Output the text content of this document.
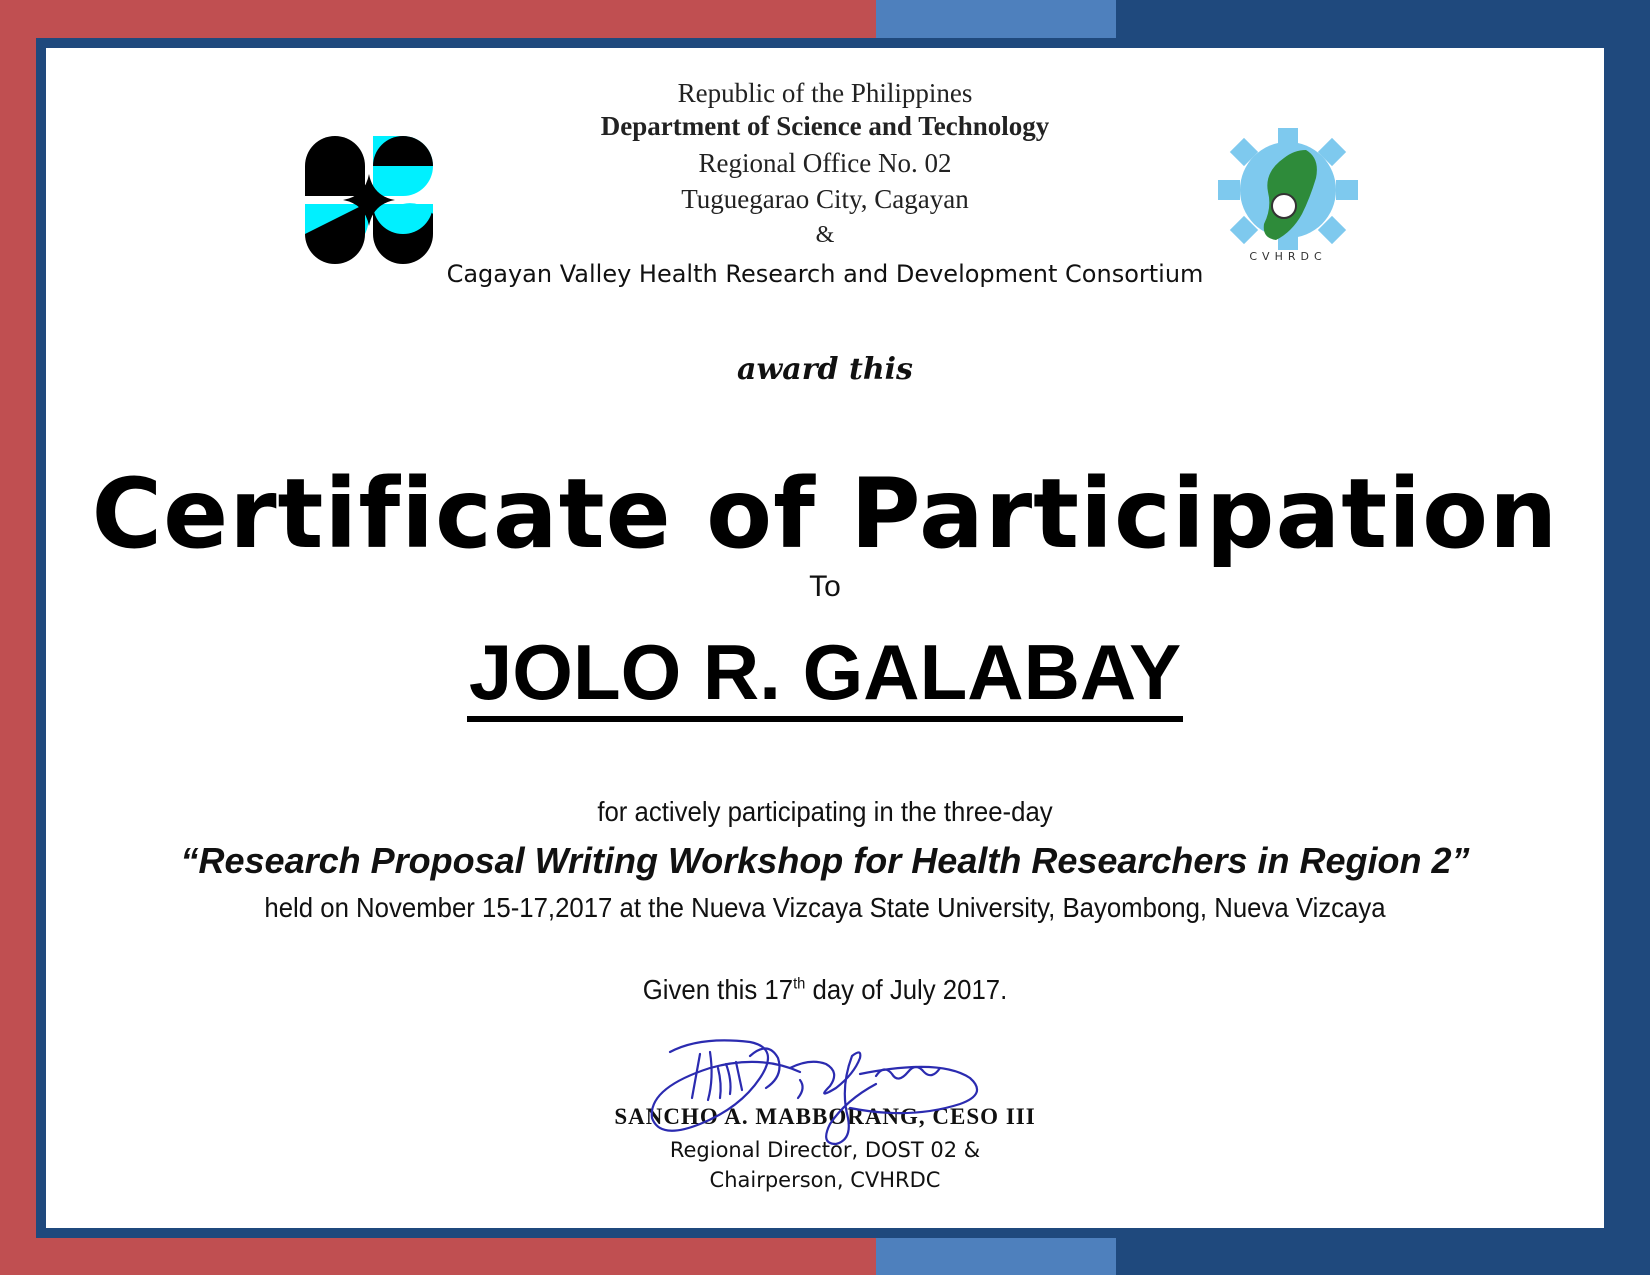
CVHRDC

Republic of the Philippines

Department of Science and Technology

Regional Office No. 02

Tuguegarao City, Cagayan

&

Cagayan Valley Health Research and Development Consortium

award this

Certificate of Participation

To

JOLO R. GALABAY

for actively participating in the three-day

“Research Proposal Writing Workshop for Health Researchers in Region 2”

held on November 15-17,2017 at the Nueva Vizcaya State University, Bayombong, Nueva Vizcaya

Given this 17th day of July 2017.

SANCHO A. MABBORANG, CESO III

Regional Director, DOST 02 &

Chairperson, CVHRDC
